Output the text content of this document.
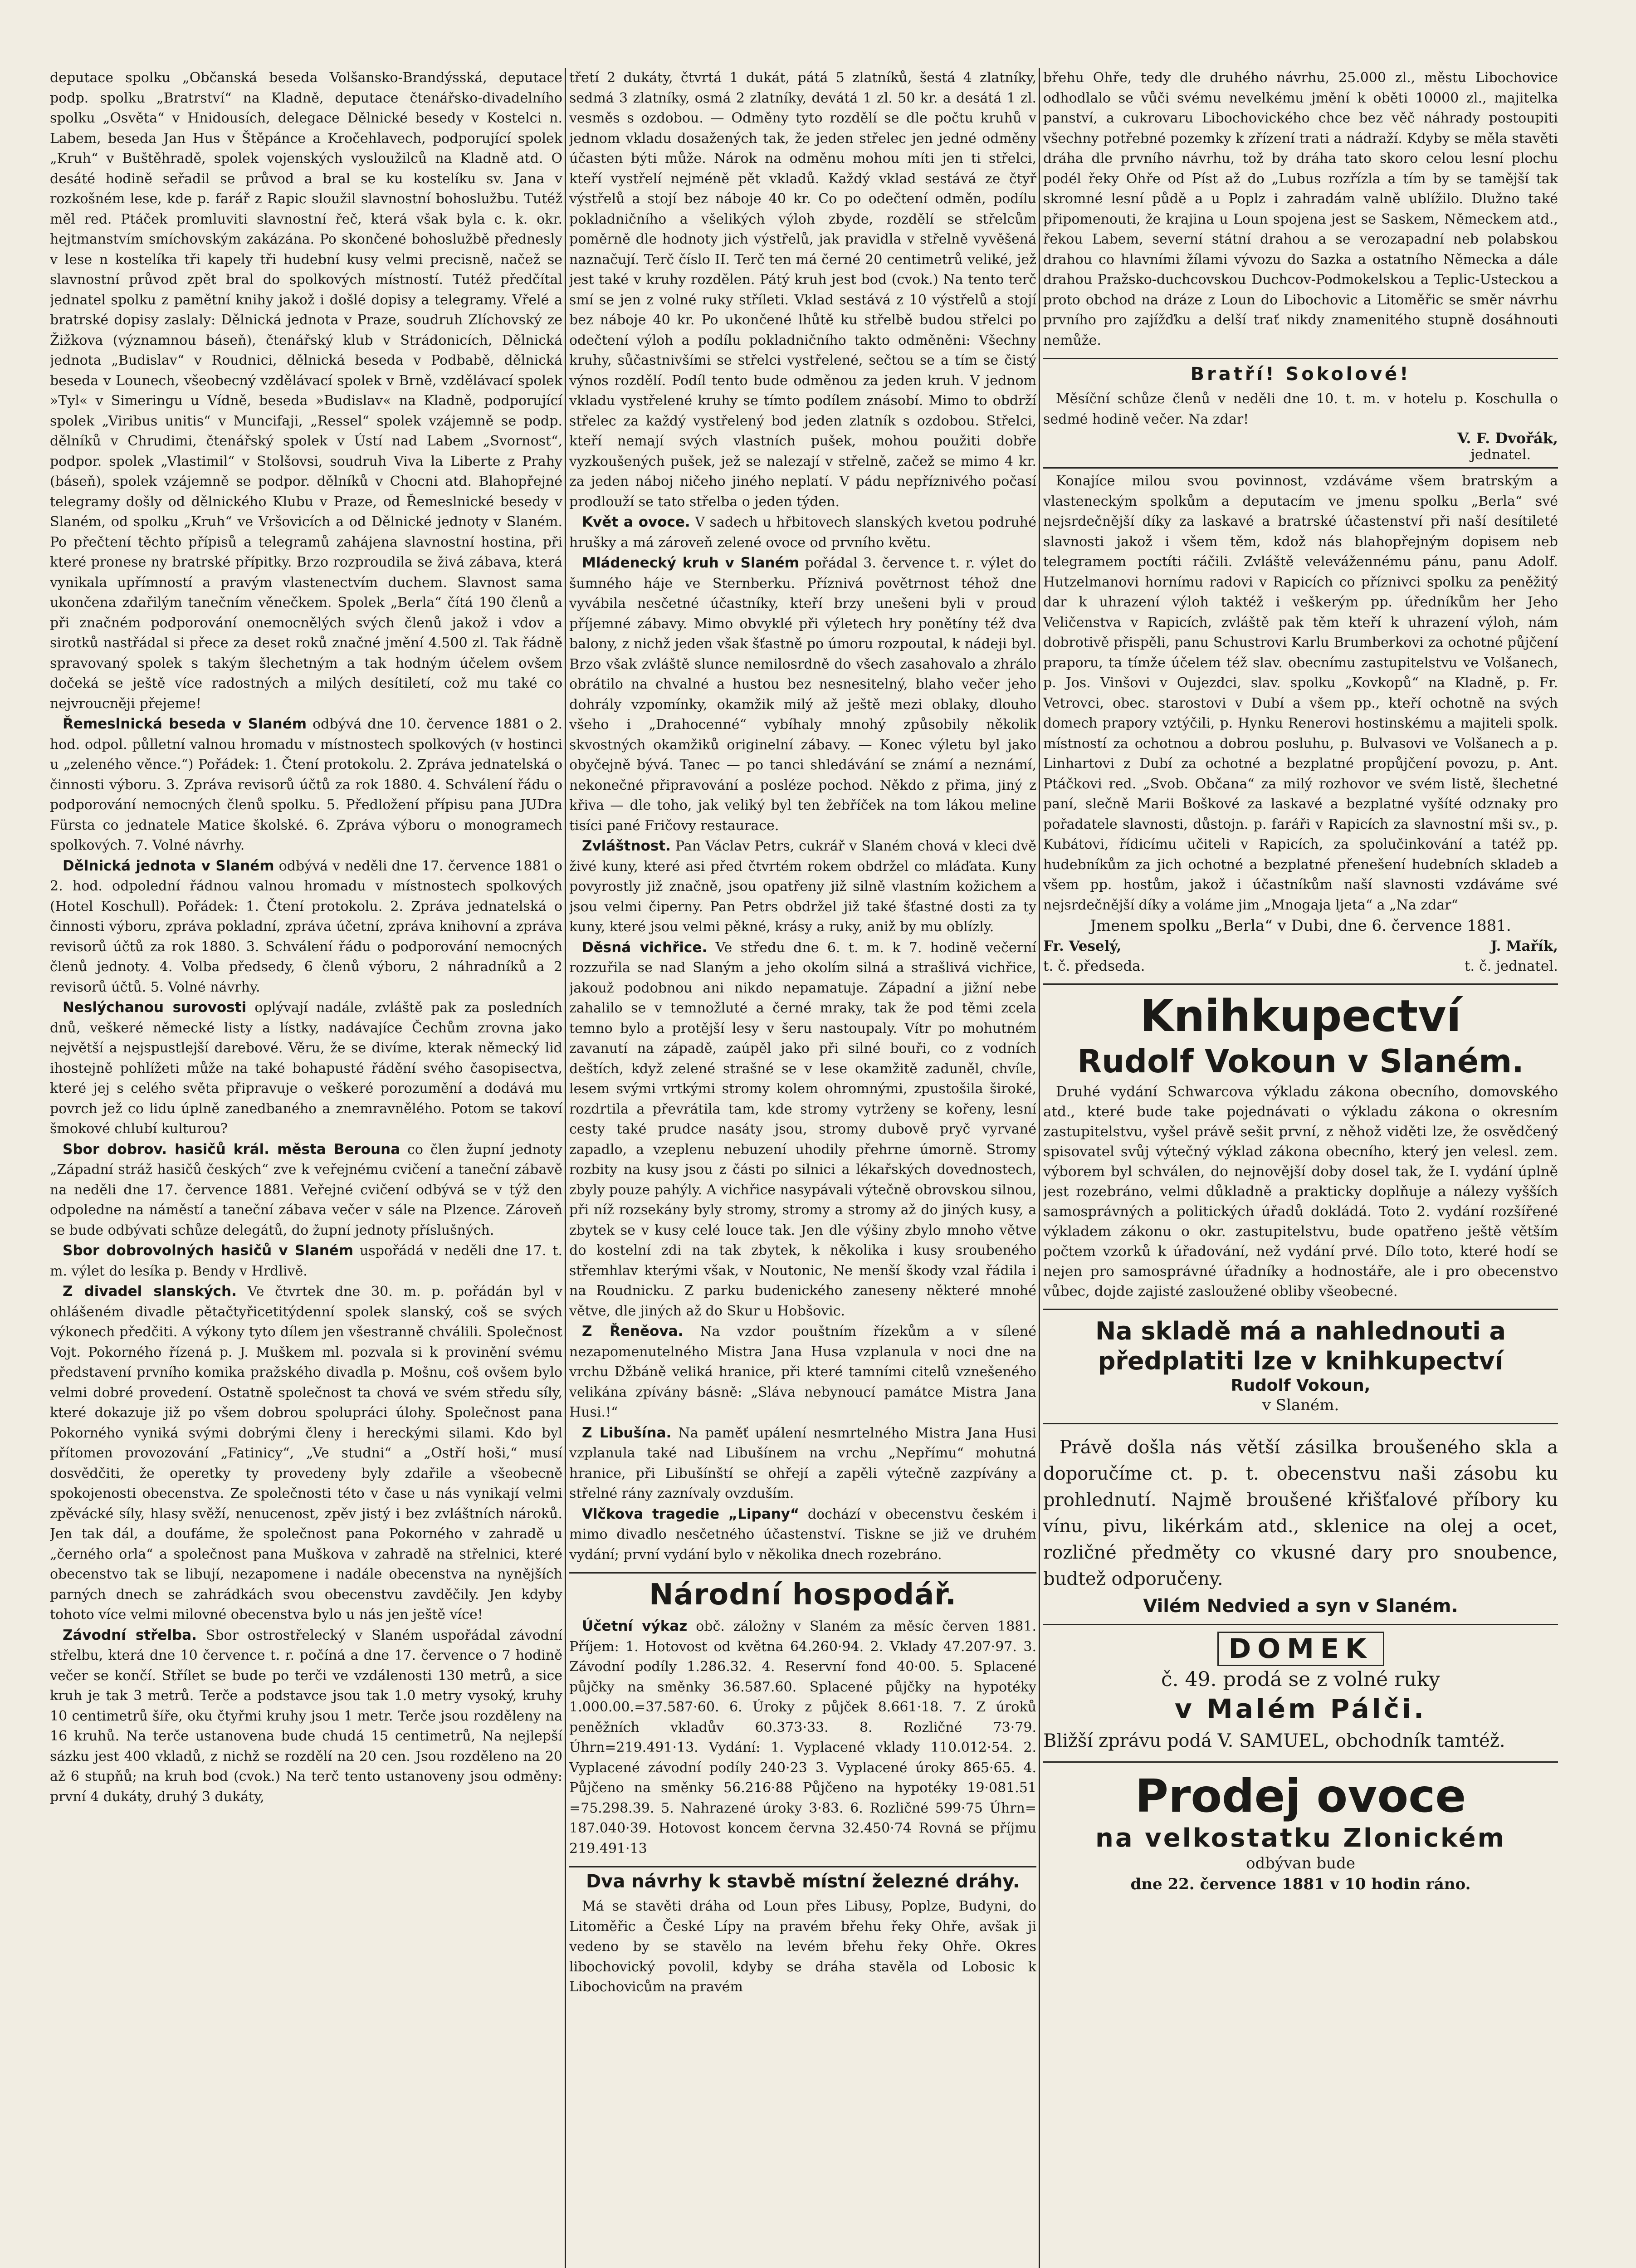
deputace spolku „Občanská beseda Volšansko-Brandýsská, deputace podp. spolku „Bratrství“ na Kladně, deputace čtenářsko-divadelního spolku „Osvěta“ v Hnidousích, delegace Dělnické besedy v Kostelci n. Labem, beseda Jan Hus v Štěpánce a Kročehlavech, podporující spolek „Kruh“ v Buštěhradě, spolek vojenských vysloužilců na Kladně atd. O desáté hodině seřadil se průvod a bral se ku kostelíku sv. Jana v rozkošném lese, kde p. farář z Rapic sloužil slavnostní bohoslužbu. Tutéž měl red. Ptáček promluviti slavnostní řeč, která však byla c. k. okr. hejtmanstvím smíchovským zakázána. Po skončené bohoslužbě přednesly v lese n kostelíka tři kapely tři hudební kusy velmi precisně, načež se slavnostní průvod zpět bral do spolkových místností. Tutéž předčítal jednatel spolku z pamětní knihy jakož i došlé dopisy a telegramy. Vřelé a bratrské dopisy zaslaly: Dělnická jednota v Praze, soudruh Zlíchovský ze Žižkova (významnou báseň), čtenářský klub v Strádonicích, Dělnická jednota „Budislav“ v Roudnici, dělnická beseda v Podbabě, dělnická beseda v Lounech, všeobecný vzdělávací spolek v Brně, vzdělávací spolek »Tyl« v Simeringu u Vídně, beseda »Budislav« na Kladně, podporující spolek „Viribus unitis“ v Muncifaji, „Ressel“ spolek vzájemně se podp. dělníků v Chrudimi, čtenářský spolek v Ústí nad Labem „Svornost“, podpor. spolek „Vlastimil“ v Stolšovsi, soudruh Viva la Liberte z Prahy (báseň), spolek vzájemně se podpor. dělníků v Chocni atd. Blahopřejné telegramy došly od dělnického Klubu v Praze, od Řemeslnické besedy v Slaném, od spolku „Kruh“ ve Vršovicích a od Dělnické jednoty v Slaném. Po přečtení těchto přípisů a telegramů zahájena slavnostní hostina, při které pronese ny bratrské přípitky. Brzo rozproudila se živá zábava, která vynikala upřímností a pravým vlastenectvím duchem. Slavnost sama ukončena zdařilým tanečním věnečkem. Spolek „Berla“ čítá 190 členů a při značném podporování onemocnělých svých členů jakož i vdov a sirotků nastřádal si přece za deset roků značné jmění 4.500 zl. Tak řádně spravovaný spolek s takým šlechetným a tak hodným účelem ovšem dočeká se ještě více radostných a milých desítiletí, což mu také co nejvroucněji přejeme!

Řemeslnická beseda v Slaném odbývá dne 10. července 1881 o 2. hod. odpol. půlletní valnou hromadu v místnostech spolkových (v hostinci u „zeleného věnce.“) Pořádek: 1. Čtení protokolu. 2. Zpráva jednatelská o činnosti výboru. 3. Zpráva revisorů účtů za rok 1880. 4. Schválení řádu o podporování nemocných členů spolku. 5. Předložení přípisu pana JUDra Fürsta co jednatele Matice školské. 6. Zpráva výboru o monogramech spolkových. 7. Volné návrhy.

Dělnická jednota v Slaném odbývá v neděli dne 17. července 1881 o 2. hod. odpolední řádnou valnou hromadu v místnostech spolkových (Hotel Koschull). Pořádek: 1. Čtení protokolu. 2. Zpráva jednatelská o činnosti výboru, zpráva pokladní, zpráva účetní, zpráva knihovní a zpráva revisorů účtů za rok 1880. 3. Schválení řádu o podporování nemocných členů jednoty. 4. Volba předsedy, 6 členů výboru, 2 náhradníků a 2 revisorů účtů. 5. Volné návrhy.

Neslýchanou surovosti oplývají nadále, zvláště pak za posledních dnů, veškeré německé listy a lístky, nadávajíce Čechům zrovna jako největší a nejspustlejší darebové. Věru, že se divíme, kterak německý lid ihostejně pohlížeti může na také bohapusté řádění svého časopisectva, které jej s celého světa připravuje o veškeré porozumění a dodává mu povrch jež co lidu úplně zanedbaného a znemravnělého. Potom se takoví šmokové chlubí kulturou?

Sbor dobrov. hasičů král. města Berouna co člen župní jednoty „Západní stráž hasičů českých“ zve k veřejnému cvičení a taneční zábavě na neděli dne 17. července 1881. Veřejné cvičení odbývá se v týž den odpoledne na náměstí a taneční zábava večer v sále na Plzence. Zároveň se bude odbývati schůze delegátů, do župní jednoty příslušných.

Sbor dobrovolných hasičů v Slaném uspořádá v neděli dne 17. t. m. výlet do lesíka p. Bendy v Hrdlivě.

Z divadel slanských. Ve čtvrtek dne 30. m. p. pořádán byl v ohlášeném divadle pětačtyřicetitýdenní spolek slanský, coš se svých výkonech předčiti. A výkony tyto dílem jen všestranně chválili. Společnost Vojt. Pokorného řízená p. J. Muškem ml. pozvala si k provinění svému představení prvního komika pražského divadla p. Mošnu, coš ovšem bylo velmi dobré provedení. Ostatně společnost ta chová ve svém středu síly, které dokazuje již po všem dobrou spolupráci úlohy. Společnost pana Pokorného vyniká svými dobrými členy i hereckými silami. Kdo byl přítomen provozování „Fatinicy“, „Ve studni“ a „Ostří hoši,“ musí dosvědčiti, že operetky ty provedeny byly zdařile a všeobecně spokojenosti obecenstva. Ze společnosti této v čase u nás vynikají velmi zpěvácké síly, hlasy svěží, nenucenost, zpěv jistý i bez zvláštních nároků. Jen tak dál, a doufáme, že společnost pana Pokorného v zahradě u „černého orla“ a společnost pana Muškova v zahradě na střelnici, které obecenstvo tak se libují, nezapomene i nadále obecenstva na nynějších parných dnech se zahrádkách svou obecenstvu zavděčily. Jen kdyby tohoto více velmi milovné obecenstva bylo u nás jen ještě více!

Závodní střelba. Sbor ostrostřelecký v Slaném uspořádal závodní střelbu, která dne 10 července t. r. počíná a dne 17. července o 7 hodině večer se končí. Střílet se bude po terči ve vzdálenosti 130 metrů, a sice kruh je tak 3 metrů. Terče a podstavce jsou tak 1.0 metry vysoký, kruhy 10 centimetrů šíře, oku čtyřmi kruhy jsou 1 metr. Terče jsou rozděleny na 16 kruhů. Na terče ustanovena bude chudá 15 centimetrů, Na nejlepší sázku jest 400 vkladů, z nichž se rozdělí na 20 cen. Jsou rozděleno na 20 až 6 stupňů; na kruh bod (cvok.) Na terč tento ustanoveny jsou odměny: první 4 dukáty, druhý 3 dukáty,

třetí 2 dukáty, čtvrtá 1 dukát, pátá 5 zlatníků, šestá 4 zlatníky, sedmá 3 zlatníky, osmá 2 zlatníky, devátá 1 zl. 50 kr. a desátá 1 zl. vesměs s ozdobou. — Odměny tyto rozdělí se dle počtu kruhů v jednom vkladu dosažených tak, že jeden střelec jen jedné odměny účasten býti může. Nárok na odměnu mohou míti jen ti střelci, kteří vystřelí nejméně pět vkladů. Každý vklad sestává ze čtyř výstřelů a stojí bez náboje 40 kr. Co po odečtení odměn, podílu pokladničního a všelikých výloh zbyde, rozdělí se střelcům poměrně dle hodnoty jich výstřelů, jak pravidla v střelně vyvěšená naznačují. Terč číslo II. Terč ten má černé 20 centimetrů veliké, jež jest také v kruhy rozdělen. Pátý kruh jest bod (cvok.) Na tento terč smí se jen z volné ruky stříleti. Vklad sestává z 10 výstřelů a stojí bez náboje 40 kr. Po ukončené lhůtě ku střelbě budou střelci po odečtení výloh a podílu pokladničního takto odměněni: Všechny kruhy, sůčastnivšími se střelci vystřelené, sečtou se a tím se čistý výnos rozdělí. Podíl tento bude odměnou za jeden kruh. V jednom vkladu vystřelené kruhy se tímto podílem znásobí. Mimo to obdrží střelec za každý vystřelený bod jeden zlatník s ozdobou. Střelci, kteří nemají svých vlastních pušek, mohou použiti dobře vyzkoušených pušek, jež se nalezají v střelně, začež se mimo 4 kr. za jeden náboj ničeho jiného neplatí. V pádu nepříznivého počasí prodlouží se tato střelba o jeden týden.

Květ a ovoce. V sadech u hřbitovech slanských kvetou podruhé hrušky a má zároveň zelené ovoce od prvního květu.

Mládenecký kruh v Slaném pořádal 3. července t. r. výlet do šumného háje ve Sternberku. Příznivá povětrnost téhož dne vyvábila nesčetné účastníky, kteří brzy unešeni byli v proud příjemné zábavy. Mimo obvyklé při výletech hry ponětíny též dva balony, z nichž jeden však šťastně po úmoru rozpoutal, k nádeji byl. Brzo však zvláště slunce nemilosrdně do všech zasahovalo a zhrálo obrátilo na chvalné a hustou bez nesnesitelný, blaho večer jeho dohrály vzpomínky, okamžik milý až ještě mezi oblaky, dlouho všeho i „Drahocenné“ vybíhaly mnohý způsobily několik skvostných okamžiků originelní zábavy. — Konec výletu byl jako obyčejně bývá. Tanec — po tanci shledávání se známí a neznámí, nekonečné připravování a posléze pochod. Někdo z přima, jiný z křiva — dle toho, jak veliký byl ten žebříček na tom lákou meline tisíci pané Fričovy restaurace.

Zvláštnost. Pan Václav Petrs, cukrář v Slaném chová v kleci dvě živé kuny, které asi před čtvrtém rokem obdržel co mláďata. Kuny povyrostly již značně, jsou opatřeny již silně vlastním kožichem a jsou velmi čiperny. Pan Petrs obdržel již také šťastné dosti za ty kuny, které jsou velmi pěkné, krásy a ruky, aniž by mu oblízly.

Děsná vichřice. Ve středu dne 6. t. m. k 7. hodině večerní rozzuřila se nad Slaným a jeho okolím silná a strašlivá vichřice, jakouž podobnou ani nikdo nepamatuje. Západní a jižní nebe zahalilo se v temnožluté a černé mraky, tak že pod těmi zcela temno bylo a protější lesy v šeru nastoupaly. Vítr po mohutném zavanutí na západě, zaúpěl jako při silné bouři, co z vodních deštích, když zelené strašné se v lese okamžitě zaduněl, chvíle, lesem svými vrtkými stromy kolem ohromnými, zpustošila široké, rozdrtila a převrátila tam, kde stromy vytrženy se kořeny, lesní cesty také prudce nasáty jsou, stromy dubově pryč vyrvané zapadlo, a vzeplenu nebuzení uhodily přehrne úmorně. Stromy rozbity na kusy jsou z části po silnici a lékařských dovednostech, zbyly pouze pahýly. A vichřice nasypávali výtečně obrovskou silnou, při níž rozsekány byly stromy, stromy a stromy až do jiných kusy, a zbytek se v kusy celé louce tak. Jen dle výšiny zbylo mnoho větve do kostelní zdi na tak zbytek, k několika i kusy sroubeného střemhlav kterými však, v Noutonic, Ne menší škody vzal řádila i na Roudnicku. Z parku budenického zaneseny některé mnohé větve, dle jiných až do Skur u Hobšovic.

Z Řeněova. Na vzdor pouštním řízekům a v sílené nezapomenutelného Mistra Jana Husa vzplanula v noci dne na vrchu Džbáně veliká hranice, při které tamními citelů vznešeného velikána zpívány básně: „Sláva nebynoucí památce Mistra Jana Husi.!“

Z Libušína. Na paměť upálení nesmrtelného Mistra Jana Husi vzplanula také nad Libušínem na vrchu „Nepřímu“ mohutná hranice, při Libušínští se ohřejí a zapěli výtečně zazpívány a střelné rány zaznívaly ovzduším.

Vlčkova tragedie „Lipany“ dochází v obecenstvu českém i mimo divadlo nesčetného účastenství. Tiskne se již ve druhém vydání; první vydání bylo v několika dnech rozebráno.

Národní hospodář.

Účetní výkaz obč. záložny v Slaném za měsíc červen 1881. Příjem: 1. Hotovost od května 64.260·94. 2. Vklady 47.207·97. 3. Závodní podíly 1.286.32. 4. Reservní fond 40·00. 5. Splacené půjčky na směnky 36.587.60. Splacené půjčky na hypotéky 1.000.00.=37.587·60. 6. Úroky z půjček 8.661·18. 7. Z úroků peněžních vkladův 60.373·33. 8. Rozličné 73·79. Úhrn=219.491·13. Vydání: 1. Vyplacené vklady 110.012·54. 2. Vyplacené závodní podíly 240·23 3. Vyplacené úroky 865·65. 4. Půjčeno na směnky 56.216·88 Půjčeno na hypotéky 19·081.51 =75.298.39. 5. Nahrazené úroky 3·83. 6. Rozličné 599·75 Úhrn= 187.040·39. Hotovost koncem června 32.450·74 Rovná se příjmu 219.491·13

Dva návrhy k stavbě místní železné dráhy.

Má se stavěti dráha od Loun přes Libusy, Poplze, Budyni, do Litoměřic a České Lípy na pravém břehu řeky Ohře, avšak ji vedeno by se stavělo na levém břehu řeky Ohře. Okres libochovický povolil, kdyby se dráha stavěla od Lobosic k Libochovicům na pravém

břehu Ohře, tedy dle druhého návrhu, 25.000 zl., městu Libochovice odhodlalo se vůči svému nevelkému jmění k oběti 10000 zl., majitelka panství, a cukrovaru Libochovického chce bez věč náhrady postoupiti všechny potřebné pozemky k zřízení trati a nádraží. Kdyby se měla stavěti dráha dle prvního návrhu, tož by dráha tato skoro celou lesní plochu podél řeky Ohře od Píst až do „Lubus rozřízla a tím by se tamější tak skromné lesní půdě a u Poplz i zahradám valně ublížilo. Dlužno také připomenouti, že krajina u Loun spojena jest se Saskem, Německem atd., řekou Labem, severní státní drahou a se verozapadní neb polabskou drahou co hlavními žílami vývozu do Sazka a ostatního Německa a dále drahou Pražsko-duchcovskou Duchcov-Podmokelskou a Teplic-Usteckou a proto obchod na dráze z Loun do Libochovic a Litoměřic se směr návrhu prvního pro zajížďku a delší trať nikdy znamenitého stupně dosáhnouti nemůže.

Bratří! Sokolové!

Měsíční schůze členů v neděli dne 10. t. m. v hotelu p. Koschulla o sedmé hodině večer. Na zdar!

V. F. Dvořák,

jednatel.

Konajíce milou svou povinnost, vzdáváme všem bratrským a vlasteneckým spolkům a deputacím ve jmenu spolku „Berla“ své nejsrdečnější díky za laskavé a bratrské účastenství při naší desítileté slavnosti jakož i všem těm, kdož nás blahopřejným dopisem neb telegramem poctíti ráčili. Zvláště velevážennému pánu, panu Adolf. Hutzelmanovi hornímu radovi v Rapicích co příznivci spolku za peněžitý dar k uhrazení výloh taktéž i veškerým pp. úředníkům her Jeho Veličenstva v Rapicích, zvláště pak těm kteří k uhrazení výloh, nám dobrotivě přispěli, panu Schustrovi Karlu Brumberkovi za ochotné půjčení praporu, ta tímže účelem též slav. obecnímu zastupitelstvu ve Volšanech, p. Jos. Vinšovi v Oujezdci, slav. spolku „Kovkopů“ na Kladně, p. Fr. Vetrovci, obec. starostovi v Dubí a všem pp., kteří ochotně na svých domech prapory vztýčili, p. Hynku Renerovi hostinskému a majiteli spolk. místností za ochotnou a dobrou posluhu, p. Bulvasovi ve Volšanech a p. Linhartovi z Dubí za ochotné a bezplatné propůjčení povozu, p. Ant. Ptáčkovi red. „Svob. Občana“ za milý rozhovor ve svém listě, šlechetné paní, slečně Marii Boškové za laskavé a bezplatné vyšíté odznaky pro pořadatele slavnosti, důstojn. p. faráři v Rapicích za slavnostní mši sv., p. Kubátovi, řídicímu učiteli v Rapicích, za spolučinkování a tatéž pp. hudebníkům za jich ochotné a bezplatné přenešení hudebních skladeb a všem pp. hostům, jakož i účastníkům naší slavnosti vzdáváme své nejsrdečnější díky a voláme jim „Mnogaja ljeta“ a „Na zdar“

Jmenem spolku „Berla“ v Dubi, dne 6. července 1881.

Fr. Veselý,	J. Mařík,
t. č. předseda.	t. č. jednatel.
Knihkupectví
Rudolf Vokoun v Slaném.

Druhé vydání Schwarcova výkladu zákona obecního, domovského atd., které bude take pojednávati o výkladu zákona o okresním zastupitelstvu, vyšel právě sešit první, z něhož viděti lze, že osvědčený spisovatel svůj výtečný výklad zákona obecního, který jen velesl. zem. výborem byl schválen, do nejnovější doby dosel tak, že I. vydání úplně jest rozebráno, velmi důkladně a prakticky doplňuje a nálezy vyšších samosprávných a politických úřadů dokládá. Toto 2. vydání rozšířené výkladem zákonu o okr. zastupitelstvu, bude opatřeno ještě větším počtem vzorků k úřadování, než vydání prvé. Dílo toto, které hodí se nejen pro samosprávné úřadníky a hodnostáře, ale i pro obecenstvo vůbec, dojde zajisté zasloužené obliby všeobecné.

Na skladě má a nahlednouti a předplatiti lze v knihkupectví
Rudolf Vokoun,
v Slaném.

Právě došla nás větší zásilka broušeného skla a doporučíme ct. p. t. obecenstvu naši zásobu ku prohlednutí. Najmě broušené křišťalové příbory ku vínu, pivu, likérkám atd., sklenice na olej a ocet, rozličné předměty co vkusné dary pro snoubence, budtež odporučeny.

Vilém Nedvied a syn v Slaném.
DOMEK
č. 49. prodá se z volné ruky
v Malém Pálči.

Bližší zprávu podá V. SAMUEL, obchodník tamtéž.

Prodej ovoce
na velkostatku Zlonickém
odbývan bude
dne 22. července 1881 v 10 hodin ráno.
